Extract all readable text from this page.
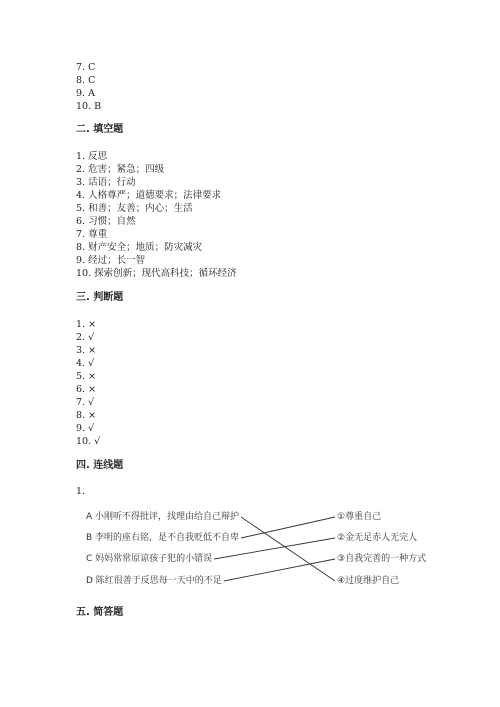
7. C
8. C
9. A
10. B
二. 填空题
1. 反思
2. 危害；紧急；四级
3. 话语；行动
4. 人格尊严；道德要求；法律要求
5. 和善；友善；内心；生活
6. 习惯；自然
7. 尊重
8. 财产安全；地质；防灾减灾
9. 经过；长一智
10. 探索创新；现代高科技；循环经济
三. 判断题
1. ×
2. √
3. ×
4. √
5. ×
6. ×
7. √
8. ×
9. √
10. √
四. 连线题
1.
A 小刚听不得批评，找理由给自己辩护
B 李明的座右铭，是不自我贬低不自卑
C 妈妈常常原谅孩子犯的小错误
D 陈红很善于反思每一天中的不足
①尊重自己
②金无足赤人无完人
③自我完善的一种方式
④过度维护自己
五. 简答题
